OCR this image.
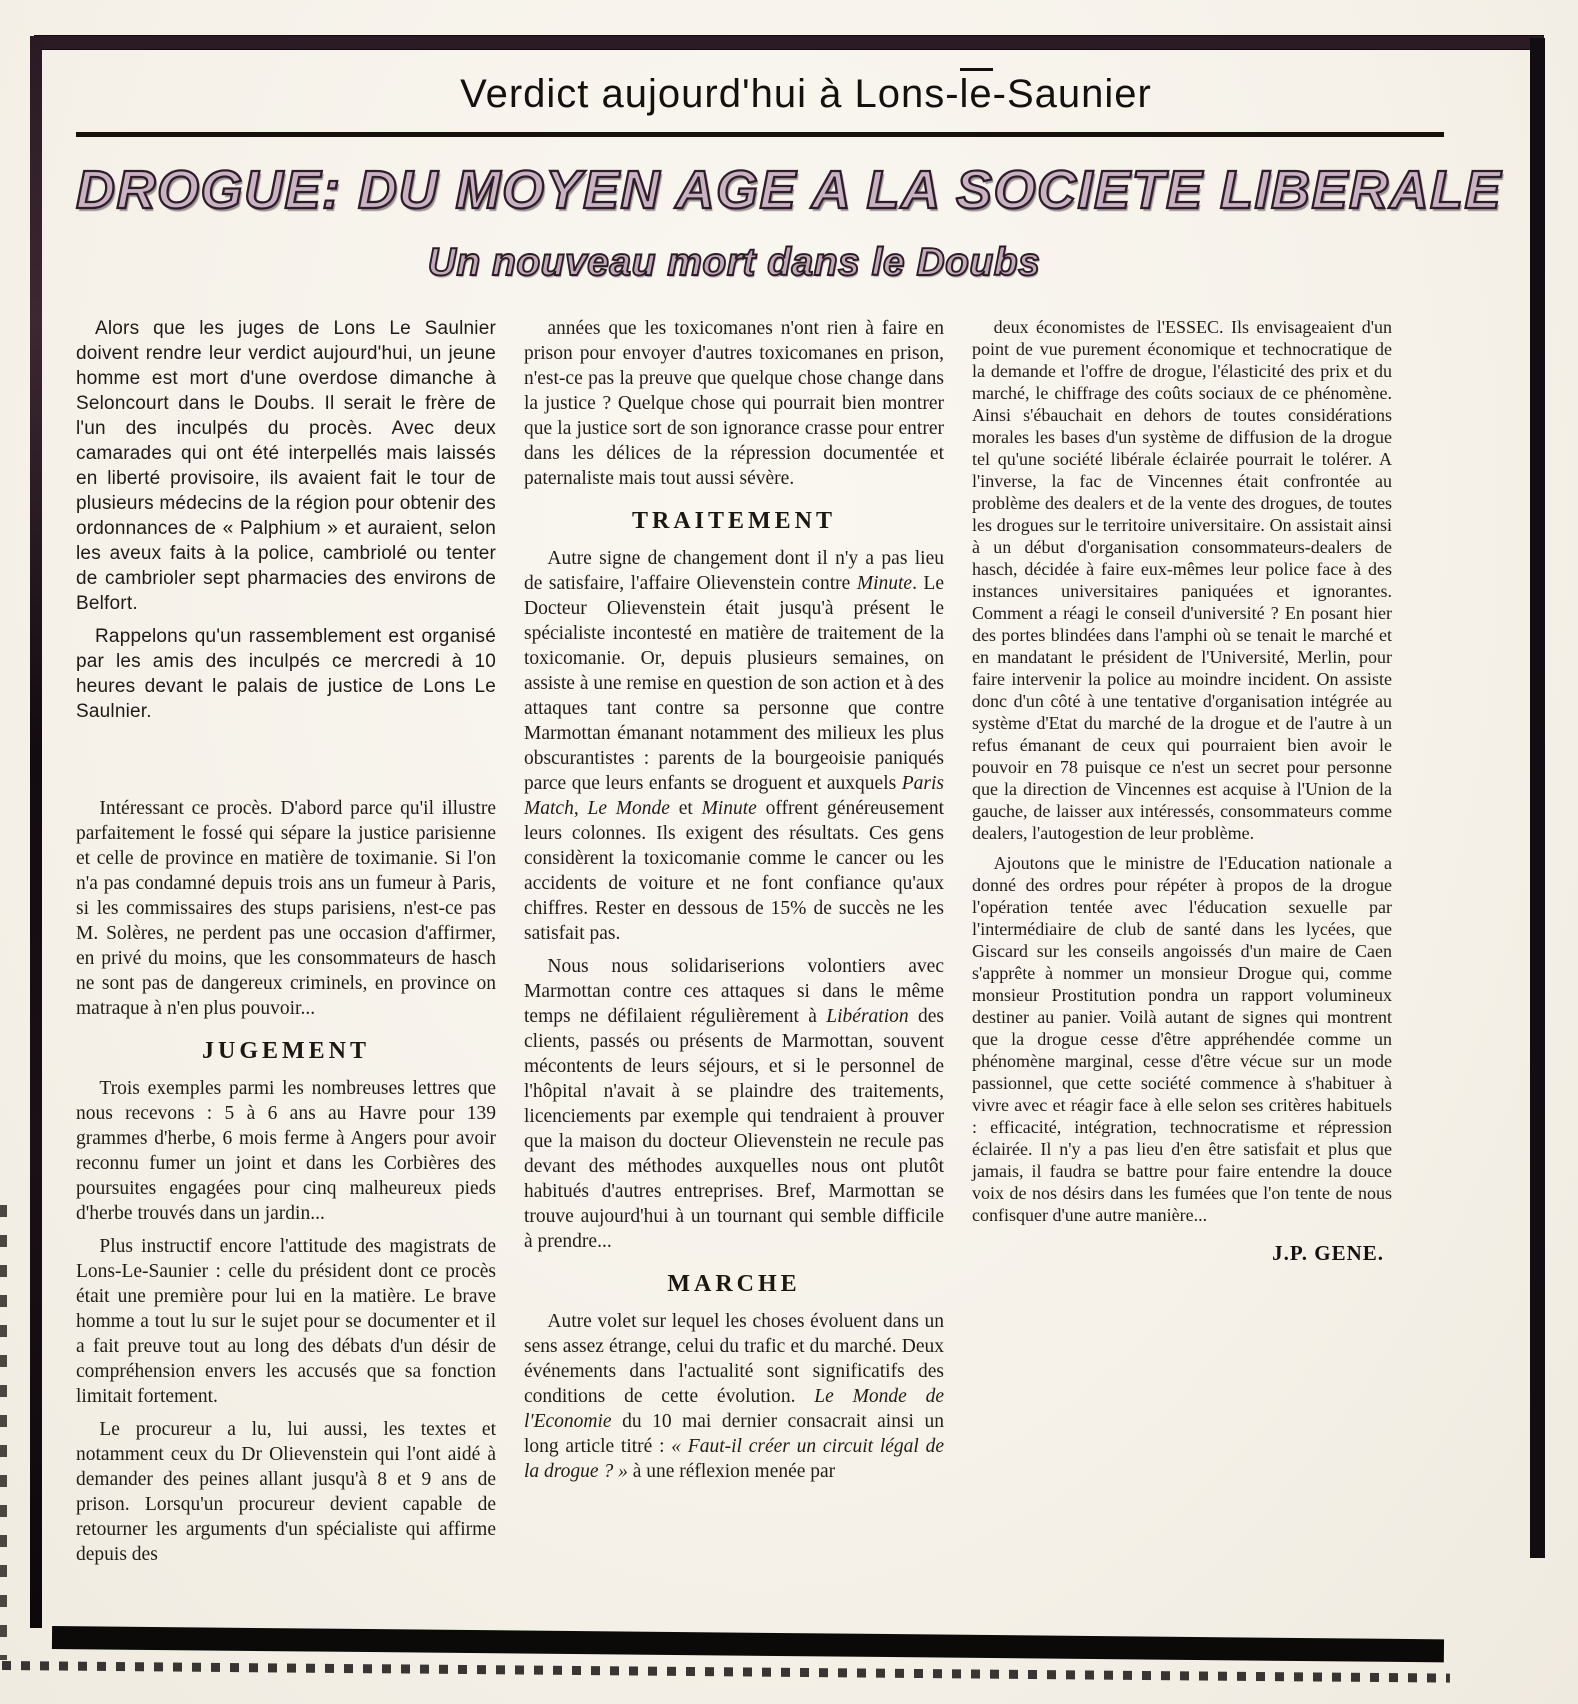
Verdict aujourd'hui à Lons-le-Saunier
DROGUE: DU MOYEN AGE A LA SOCIETE LIBERALE
Un nouveau mort dans le Doubs

Alors que les juges de Lons Le Saulnier doivent rendre leur verdict aujourd'hui, un jeune homme est mort d'une overdose dimanche à Seloncourt dans le Doubs. Il serait le frère de l'un des inculpés du procès. Avec deux camarades qui ont été interpellés mais laissés en liberté provisoire, ils avaient fait le tour de plusieurs médecins de la région pour obtenir des ordonnances de « Palphium » et auraient, selon les aveux faits à la police, cambriolé ou tenter de cambrioler sept pharmacies des environs de Belfort.

Rappelons qu'un rassemblement est organisé par les amis des inculpés ce mercredi à 10 heures devant le palais de justice de Lons Le Saulnier.

Intéressant ce procès. D'abord parce qu'il illustre parfaitement le fossé qui sépare la justice parisienne et celle de province en matière de toximanie. Si l'on n'a pas condamné depuis trois ans un fumeur à Paris, si les commissaires des stups parisiens, n'est-ce pas M. Solères, ne perdent pas une occasion d'affirmer, en privé du moins, que les consommateurs de hasch ne sont pas de dangereux criminels, en province on matraque à n'en plus pouvoir...

JUGEMENT

Trois exemples parmi les nombreuses lettres que nous recevons : 5 à 6 ans au Havre pour 139 grammes d'herbe, 6 mois ferme à Angers pour avoir reconnu fumer un joint et dans les Corbières des poursuites engagées pour cinq malheureux pieds d'herbe trouvés dans un jardin...

Plus instructif encore l'attitude des magistrats de Lons-Le-Saunier : celle du président dont ce procès était une première pour lui en la matière. Le brave homme a tout lu sur le sujet pour se documenter et il a fait preuve tout au long des débats d'un désir de compréhension envers les accusés que sa fonction limitait fortement.

Le procureur a lu, lui aussi, les textes et notamment ceux du Dr Olievenstein qui l'ont aidé à demander des peines allant jusqu'à 8 et 9 ans de prison. Lorsqu'un procureur devient capable de retourner les arguments d'un spécialiste qui affirme depuis des

années que les toxicomanes n'ont rien à faire en prison pour envoyer d'autres toxicomanes en prison, n'est-ce pas la preuve que quelque chose change dans la justice ? Quelque chose qui pourrait bien montrer que la justice sort de son ignorance crasse pour entrer dans les délices de la répression documentée et paternaliste mais tout aussi sévère.

TRAITEMENT

Autre signe de changement dont il n'y a pas lieu de satisfaire, l'affaire Olievenstein contre Minute. Le Docteur Olievenstein était jusqu'à présent le spécialiste incontesté en matière de traitement de la toxicomanie. Or, depuis plusieurs semaines, on assiste à une remise en question de son action et à des attaques tant contre sa personne que contre Marmottan émanant notamment des milieux les plus obscurantistes : parents de la bourgeoisie paniqués parce que leurs enfants se droguent et auxquels Paris Match, Le Monde et Minute offrent généreusement leurs colonnes. Ils exigent des résultats. Ces gens considèrent la toxicomanie comme le cancer ou les accidents de voiture et ne font confiance qu'aux chiffres. Rester en dessous de 15% de succès ne les satisfait pas.

Nous nous solidariserions volontiers avec Marmottan contre ces attaques si dans le même temps ne défilaient régulièrement à Libération des clients, passés ou présents de Marmottan, souvent mécontents de leurs séjours, et si le personnel de l'hôpital n'avait à se plaindre des traitements, licenciements par exemple qui tendraient à prouver que la maison du docteur Olievenstein ne recule pas devant des méthodes auxquelles nous ont plutôt habitués d'autres entreprises. Bref, Marmottan se trouve aujourd'hui à un tournant qui semble difficile à prendre...

MARCHE

Autre volet sur lequel les choses évoluent dans un sens assez étrange, celui du trafic et du marché. Deux événements dans l'actualité sont significatifs des conditions de cette évolution. Le Monde de l'Economie du 10 mai dernier consacrait ainsi un long article titré : « Faut-il créer un circuit légal de la drogue ? » à une réflexion menée par

deux économistes de l'ESSEC. Ils envisageaient d'un point de vue purement économique et technocratique de la demande et l'offre de drogue, l'élasticité des prix et du marché, le chiffrage des coûts sociaux de ce phénomène. Ainsi s'ébauchait en dehors de toutes considérations morales les bases d'un système de diffusion de la drogue tel qu'une société libérale éclairée pourrait le tolérer. A l'inverse, la fac de Vincennes était confrontée au problème des dealers et de la vente des drogues, de toutes les drogues sur le territoire universitaire. On assistait ainsi à un début d'organisation consommateurs-dealers de hasch, décidée à faire eux-mêmes leur police face à des instances universitaires paniquées et ignorantes. Comment a réagi le conseil d'université ? En posant hier des portes blindées dans l'amphi où se tenait le marché et en mandatant le président de l'Université, Merlin, pour faire intervenir la police au moindre incident. On assiste donc d'un côté à une tentative d'organisation intégrée au système d'Etat du marché de la drogue et de l'autre à un refus émanant de ceux qui pourraient bien avoir le pouvoir en 78 puisque ce n'est un secret pour personne que la direction de Vincennes est acquise à l'Union de la gauche, de laisser aux intéressés, consommateurs comme dealers, l'autogestion de leur problème.

Ajoutons que le ministre de l'Education nationale a donné des ordres pour répéter à propos de la drogue l'opération tentée avec l'éducation sexuelle par l'intermédiaire de club de santé dans les lycées, que Giscard sur les conseils angoissés d'un maire de Caen s'apprête à nommer un monsieur Drogue qui, comme monsieur Prostitution pondra un rapport volumineux destiner au panier. Voilà autant de signes qui montrent que la drogue cesse d'être appréhendée comme un phénomène marginal, cesse d'être vécue sur un mode passionnel, que cette société commence à s'habituer à vivre avec et réagir face à elle selon ses critères habituels : efficacité, intégration, technocratisme et répression éclairée. Il n'y a pas lieu d'en être satisfait et plus que jamais, il faudra se battre pour faire entendre la douce voix de nos désirs dans les fumées que l'on tente de nous confisquer d'une autre manière...

J.P. GENE.
